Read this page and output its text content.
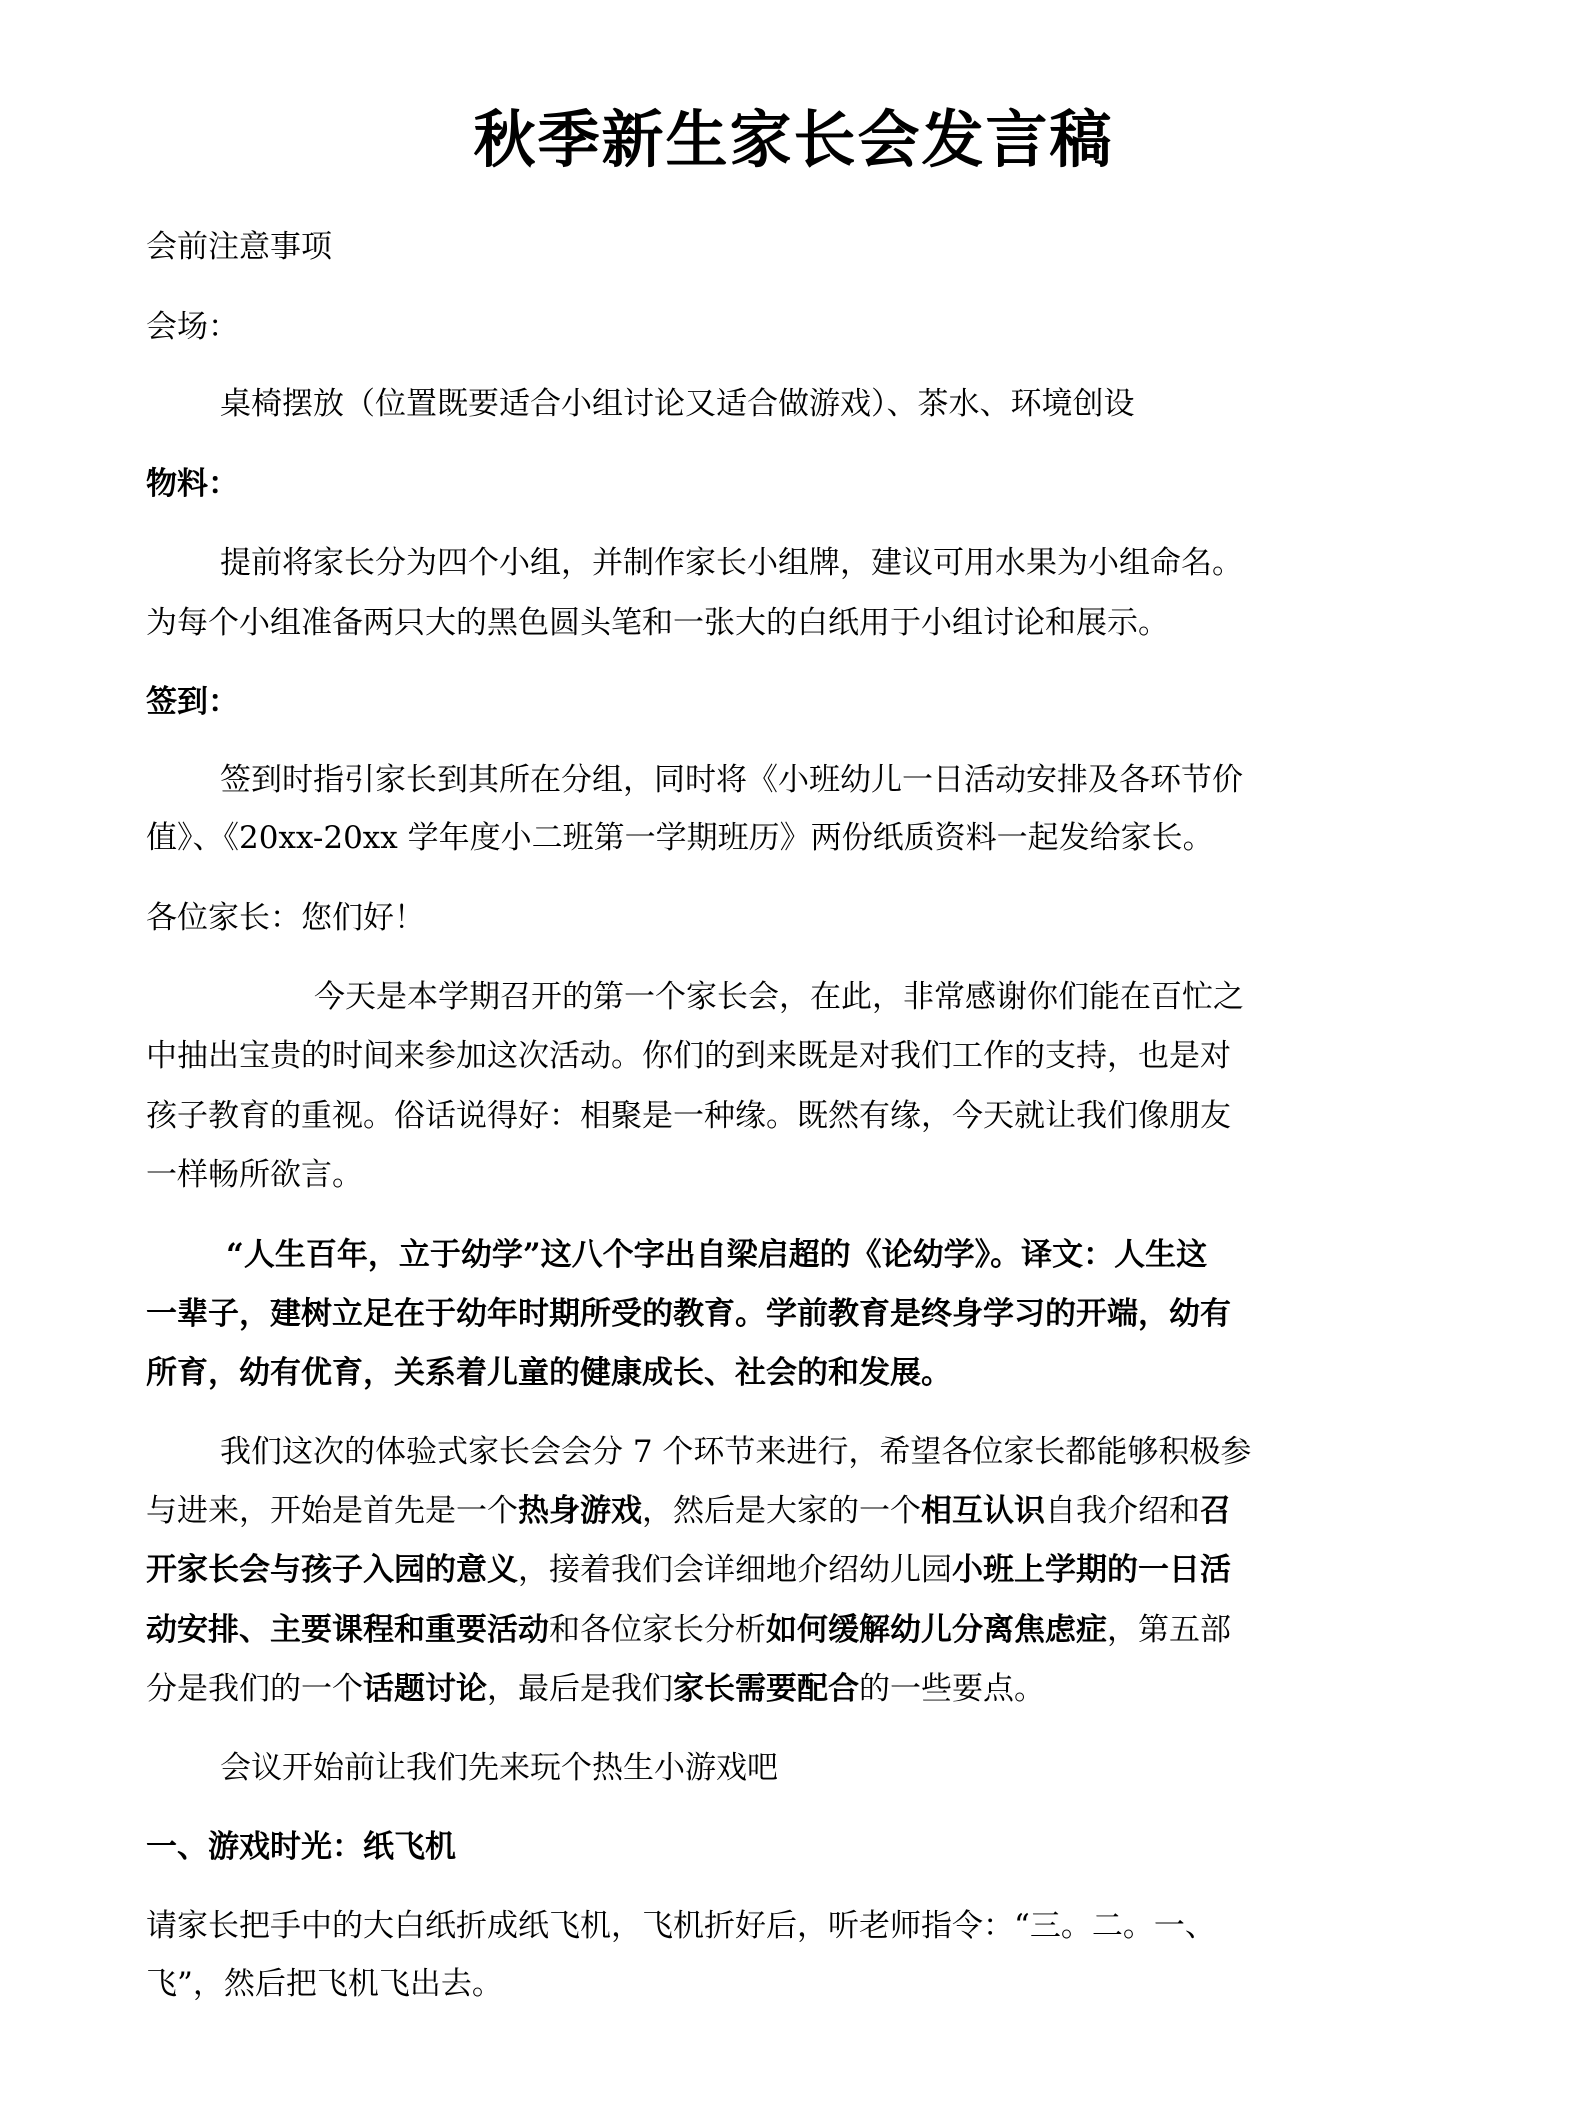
秋季新生家长会发言稿
会前注意事项
会场：
桌椅摆放（位置既要适合小组讨论又适合做游戏）、茶水、环境创设
物料：
提前将家长分为四个小组，并制作家长小组牌，建议可用水果为小组命名。
为每个小组准备两只大的黑色圆头笔和一张大的白纸用于小组讨论和展示。
签到：
签到时指引家长到其所在分组，同时将《小班幼儿一日活动安排及各环节价
值》、《20xx-20xx 学年度小二班第一学期班历》两份纸质资料一起发给家长。
各位家长：您们好！
今天是本学期召开的第一个家长会，在此，非常感谢你们能在百忙之
中抽出宝贵的时间来参加这次活动。你们的到来既是对我们工作的支持，也是对
孩子教育的重视。俗话说得好：相聚是一种缘。既然有缘，今天就让我们像朋友
一样畅所欲言。
“人生百年，立于幼学”这八个字出自梁启超的《论幼学》。译文：人生这
一辈子，建树立足在于幼年时期所受的教育。学前教育是终身学习的开端，幼有
所育，幼有优育，关系着儿童的健康成长、社会的和发展。
我们这次的体验式家长会会分 7 个环节来进行，希望各位家长都能够积极参
与进来，开始是首先是一个热身游戏，然后是大家的一个相互认识自我介绍和召
开家长会与孩子入园的意义，接着我们会详细地介绍幼儿园小班上学期的一日活
动安排、主要课程和重要活动和各位家长分析如何缓解幼儿分离焦虑症，第五部
分是我们的一个话题讨论，最后是我们家长需要配合的一些要点。
会议开始前让我们先来玩个热生小游戏吧
一、游戏时光：纸飞机
请家长把手中的大白纸折成纸飞机，飞机折好后，听老师指令：“三。二。一、
飞”，然后把飞机飞出去。
